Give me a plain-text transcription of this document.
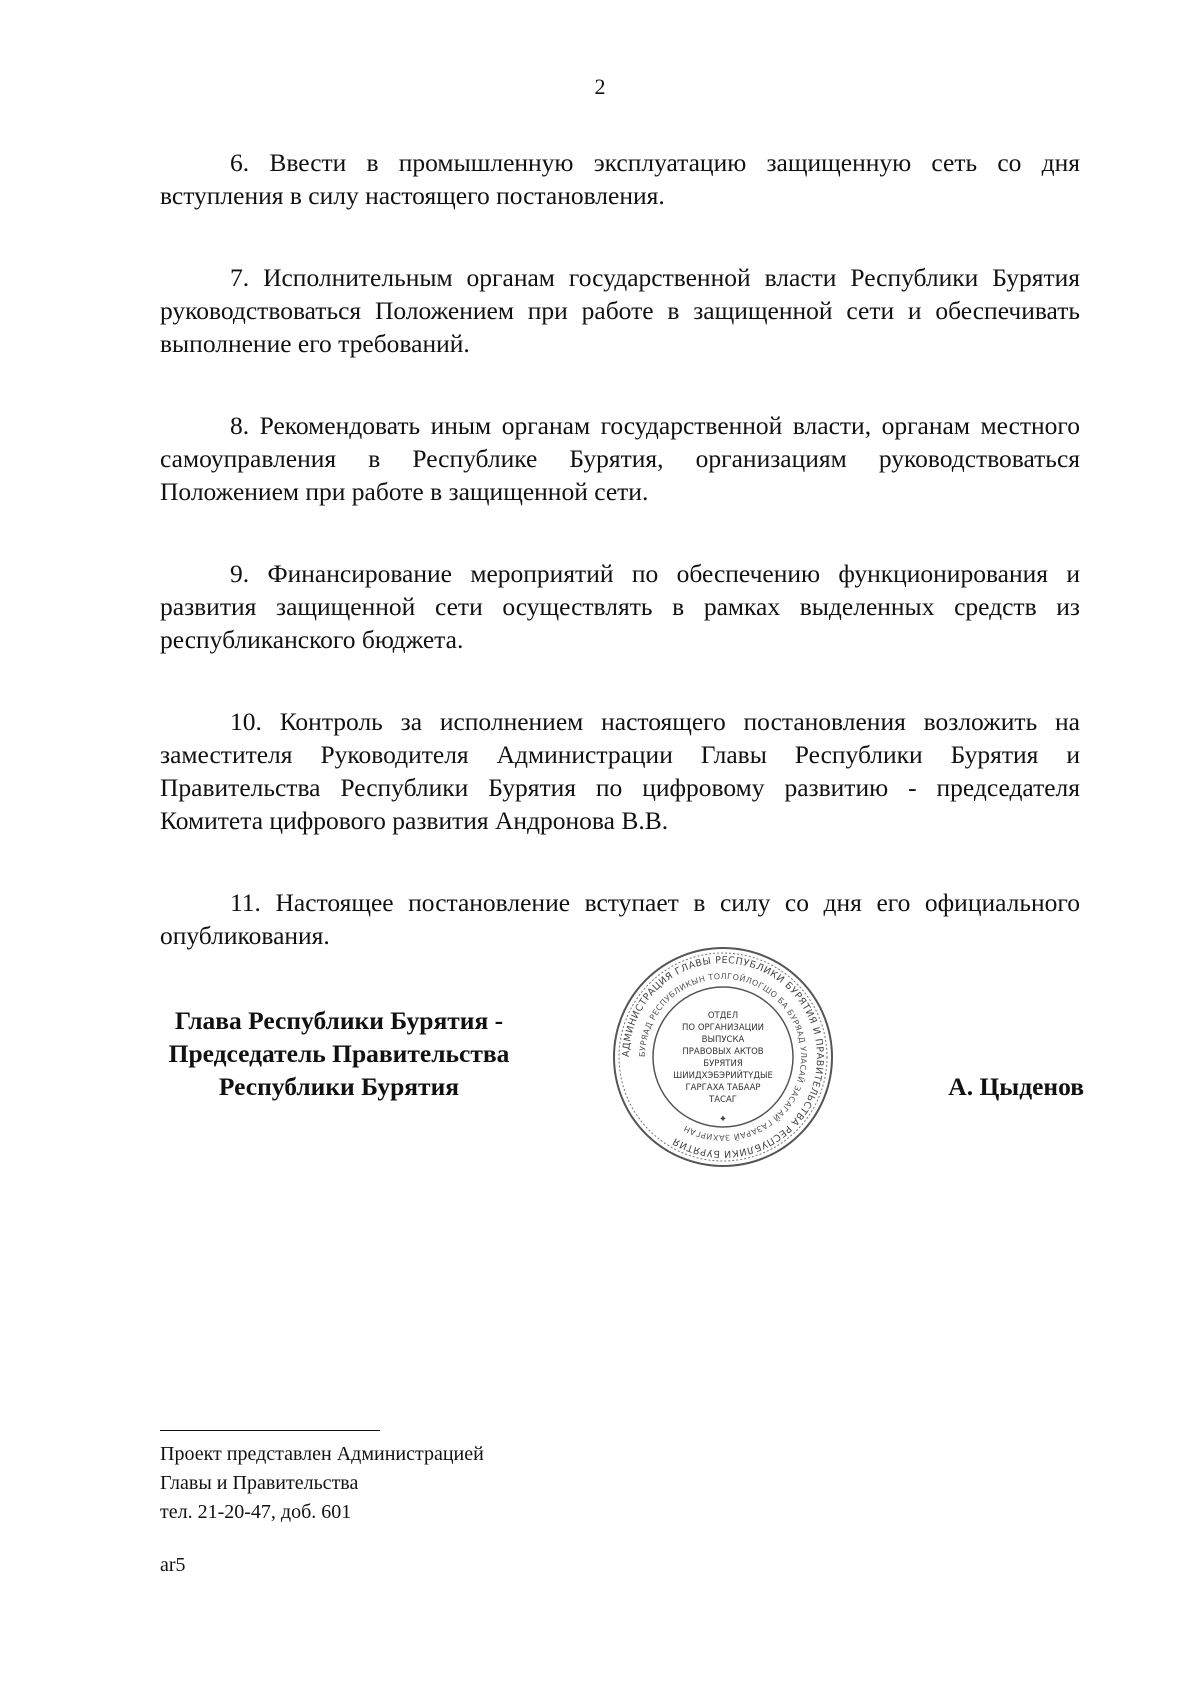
2

6. Ввести в промышленную эксплуатацию защищенную сеть со дня вступления в силу настоящего постановления.

7. Исполнительным органам государственной власти Республики Бурятия руководствоваться Положением при работе в защищенной сети и обеспечивать выполнение его требований.

8. Рекомендовать иным органам государственной власти, органам местного самоуправления в Республике Бурятия, организациям руководствоваться Положением при работе в защищенной сети.

9. Финансирование мероприятий по обеспечению функционирования и развития защищенной сети осуществлять в рамках выделенных средств из республиканского бюджета.

10. Контроль за исполнением настоящего постановления возложить на заместителя Руководителя Администрации Главы Республики Бурятия и Правительства Республики Бурятия по цифровому развитию - председателя Комитета цифрового развития Андронова В.В.

11. Настоящее постановление вступает в силу со дня его официального опубликования.

Глава Республики Бурятия -
Председатель Правительства
Республики Бурятия
АДМИНИСТРАЦИЯ ГЛАВЫ РЕСПУБЛИКИ БУРЯТИЯ И ПРАВИТЕЛЬСТВА РЕСПУБЛИКИ БУРЯТИЯ
БУРЯАД РЕСПУБЛИКЫН ТОЛГОЙЛОГШО БА БУРЯАД УЛАСАЙ ЗАСАГАЙ ГАЗАРАЙ ЗАХИРГАН
ОТДЕЛ
ПО ОРГАНИЗАЦИИ
ВЫПУСКА
ПРАВОВЫХ АКТОВ
БУРЯТИЯ
ШИИДХЭБЭРИЙТҮДЫЕ
ГАРГАХА ТАБААР
ТАСАГ
✦
А. Цыденов
Проект представлен Администрацией
Главы и Правительства
тел. 21-20-47, доб. 601
ar5
